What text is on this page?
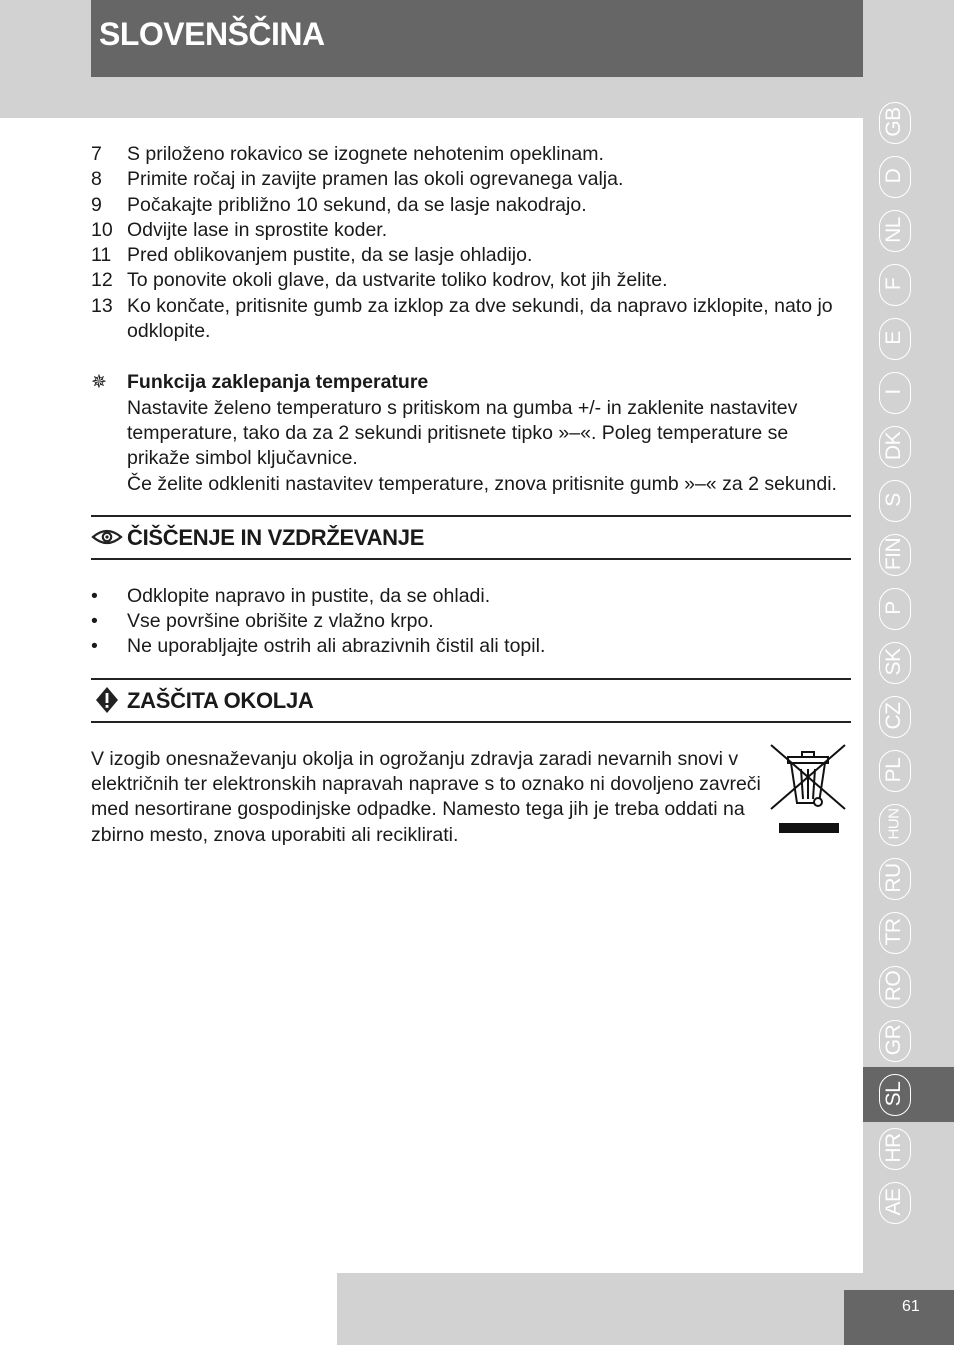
SLOVENŠČINA
61
7	S priloženo rokavico se izognete nehotenim opeklinam.
8	Primite ročaj in zavijte pramen las okoli ogrevanega valja.
9	Počakajte približno 10 sekund, da se lasje nakodrajo.
10 Odvijte lase in sprostite koder.
11 Pred oblikovanjem pustite, da se lasje ohladijo.
12 To ponovite okoli glave, da ustvarite toliko kodrov, kot jih želite.
13 Ko končate, pritisnite gumb za izklop za dve sekundi, da napravo izklopite, nato jo odklopite.
✵	Funkcija zaklepanja temperature
Nastavite želeno temperaturo s pritiskom na gumba +/- in zaklenite nastavitev temperature, tako da za 2 sekundi pritisnete tipko »–«. Poleg temperature se prikaže simbol ključavnice.
Če želite odkleniti nastavitev temperature, znova pritisnite gumb »–« za 2 sekundi.
ČIŠČENJE IN VZDRŽEVANJE
•	Odklopite napravo in pustite, da se ohladi.
•	Vse površine obrišite z vlažno krpo.
•	Ne uporabljajte ostrih ali abrazivnih čistil ali topil.
ZAŠČITA OKOLJA
V izogib onesnaževanju okolja in ogrožanju zdravja zaradi nevarnih snovi v električnih ter elektronskih napravah naprave s to oznako ni dovoljeno zavreči med nesortirane gospodinjske odpadke. Namesto tega jih je treba oddati na zbirno mesto, znova uporabiti ali reciklirati.
GB
D
NL
F
E
I
DK
S
FIN
P
SK
CZ
PL
HUN
RU
TR
RO
GR
SL
HR
AE
